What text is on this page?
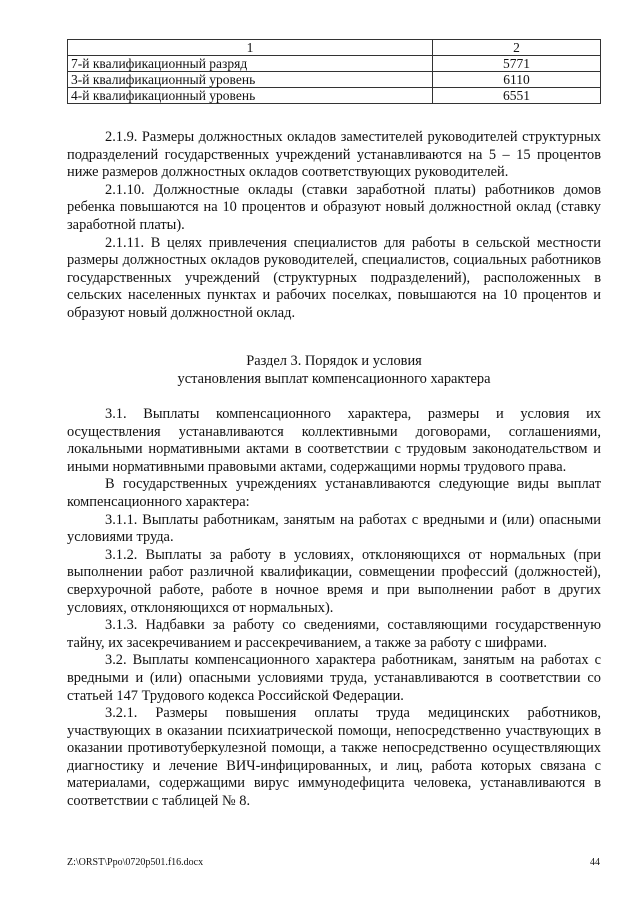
1	2
7-й квалификационный разряд	5771
3-й квалификационный уровень	6110
4-й квалификационный уровень	6551

2.1.9. Размеры должностных окладов заместителей руководителей структурных подразделений государственных учреждений устанавливаются на 5 – 15 процентов ниже размеров должностных окладов соответствующих руководителей.

2.1.10. Должностные оклады (ставки заработной платы) работников домов ребенка повышаются на 10 процентов и образуют новый должностной оклад (ставку заработной платы).

2.1.11. В целях привлечения специалистов для работы в сельской местности размеры должностных окладов руководителей, специалистов, социальных работников государственных учреждений (структурных подразделений), расположенных в сельских населенных пунктах и рабочих поселках, повышаются на 10 процентов и образуют новый должностной оклад.

Раздел 3. Порядок и условия
установления выплат компенсационного характера

3.1. Выплаты компенсационного характера, размеры и условия их осуществления устанавливаются коллективными договорами, соглашениями, локальными нормативными актами в соответствии с трудовым законодательством и иными нормативными правовыми актами, содержащими нормы трудового права.

В государственных учреждениях устанавливаются следующие виды выплат компенсационного характера:

3.1.1. Выплаты работникам, занятым на работах с вредными и (или) опасными условиями труда.

3.1.2. Выплаты за работу в условиях, отклоняющихся от нормальных (при выполнении работ различной квалификации, совмещении профессий (должностей), сверхурочной работе, работе в ночное время и при выполнении работ в других условиях, отклоняющихся от нормальных).

3.1.3. Надбавки за работу со сведениями, составляющими государственную тайну, их засекречиванием и рассекречиванием, а также за работу с шифрами.

3.2. Выплаты компенсационного характера работникам, занятым на работах с вредными и (или) опасными условиями труда, устанавливаются в соответствии со статьей 147 Трудового кодекса Российской Федерации.

3.2.1. Размеры повышения оплаты труда медицинских работников, участвующих в оказании психиатрической помощи, непосредственно участвующих в оказании противотуберкулезной помощи, а также непосредственно осуществляющих диагностику и лечение ВИЧ-инфицированных, и лиц, работа которых связана с материалами, содержащими вирус иммунодефицита человека, устанавливаются в соответствии с таблицей № 8.

Z:\ORST\Ppo\0720p501.f16.docx	44
